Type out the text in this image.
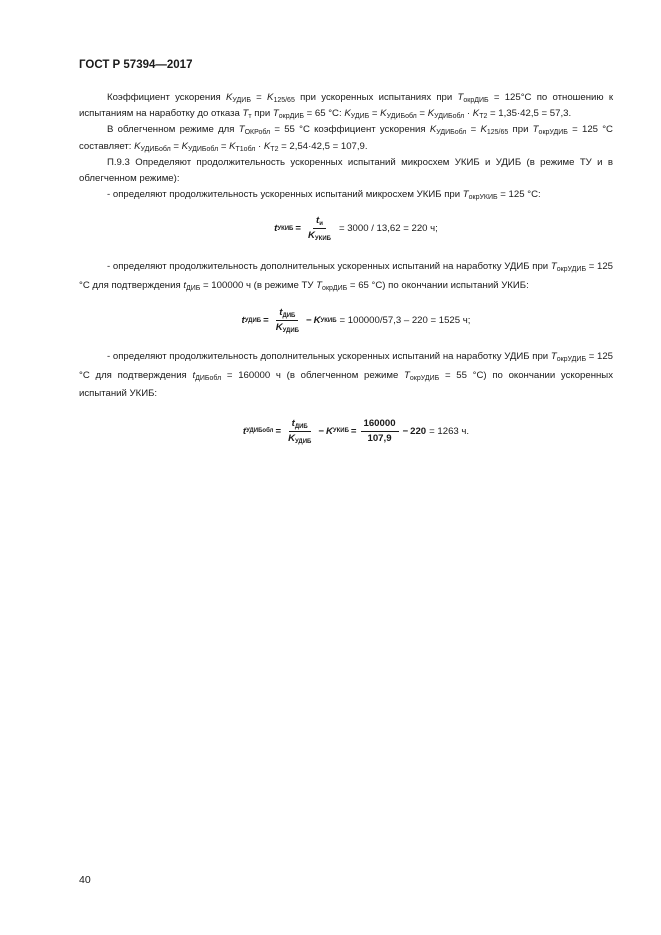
ГОСТ Р 57394—2017

Коэффициент ускорения $K_{УДИБ} = K_{125/65}$ при ускоренных испытаниях при $T_{окрДИБ} = 125^\circ С$ по отношению к испытаниям на наработку до отказа $T_т$ при $T_{окрДИБ} = 65$ °С: $K_{УДИБ} = K_{УДИБобл} = K_{УДИБобл} \cdot K_{Т2} = 1,35\cdot 42,5 = 57,3$.

В облегченном режиме для $T_{ОКРобл} = 55$ °С коэффициент ускорения $K_{УДИБобл} = K_{125/65}$ при $T_{окрУДИБ} = 125$ °С составляет: $K_{УДИБобл} = K_{УДИБобл} = K_{Т1обл} \cdot K_{Т2} = 2,54\cdot 42,5 = 107,9$.

П.9.3 Определяют продолжительность ускоренных испытаний микросхем УКИБ и УДИБ (в режиме ТУ и в облегченном режиме):

- определяют продолжительность ускоренных испытаний микросхем УКИБ при $T_{окрУКИБ} = 125$ °С:

t УКИБ = $\frac{t_и}{K_{УКИБ}} = 3000 / 13,62 = 220$ ч;

- определяют продолжительность дополнительных ускоренных испытаний на наработку УДИБ при $T_{окрУДИБ} = 125$ °С для подтверждения $t_{ДИБ} = 100000$ ч (в режиме ТУ $T_{окрДИБ} = 65$ °С) по окончании испытаний УКИБ:

t УДИБ = $\frac{t_{ДИБ}}{K_{УДИБ}} - K$ УКИБ = 100000/57,3 – 220 = 1525 ч;

- определяют продолжительность дополнительных ускоренных испытаний на наработку УДИБ при $T_{окрУДИБ} = 125$ °С для подтверждения $t_{ДИБобл} = 160000$ ч (в облегченном режиме $T_{окрУДИБ} = 55$ °С) по окончании ускоренных испытаний УКИБ:

t УДИБобл = $\frac{t_{ДИБ}}{K_{УДИБ}} - K$ УКИБ = $\frac{160000}{107,9} - 220 = 1263$ ч.
40
